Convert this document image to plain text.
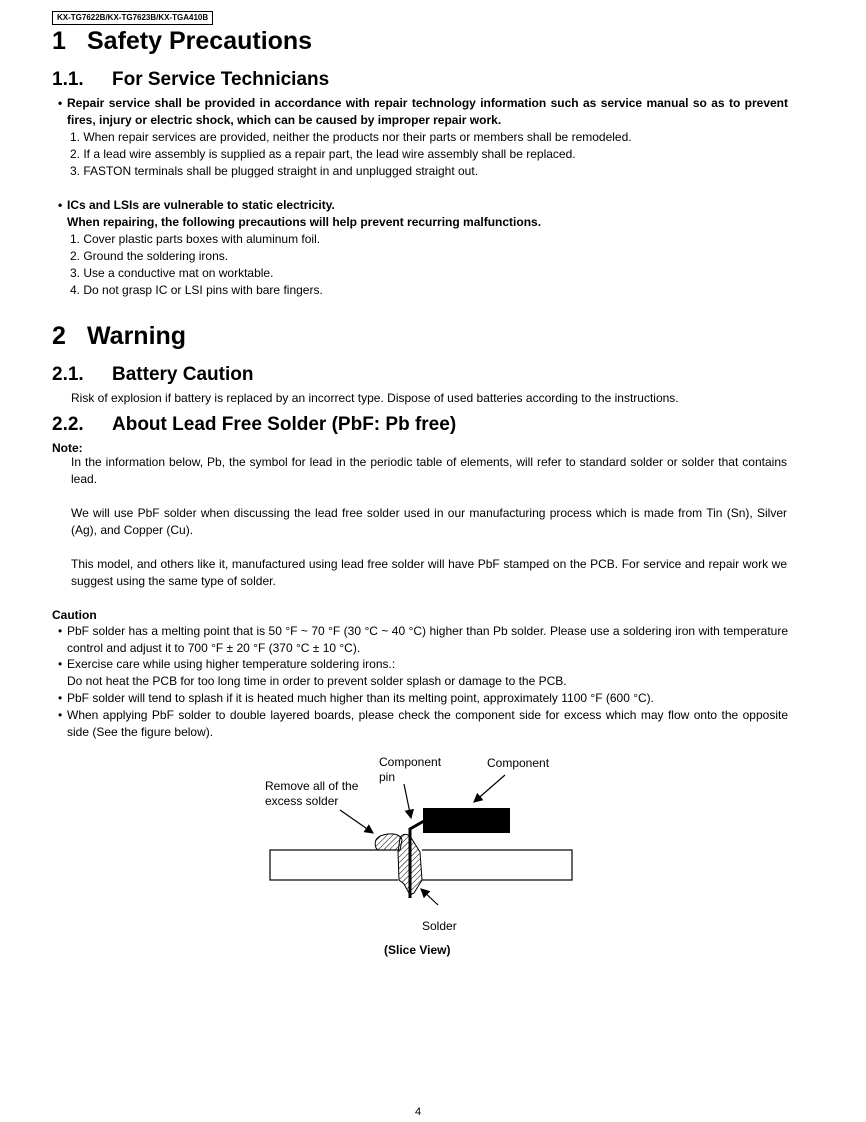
KX-TG7622B/KX-TG7623B/KX-TGA410B
1 Safety Precautions
1.1. For Service Technicians
• Repair service shall be provided in accordance with repair technology information such as service manual so as to prevent fires, injury or electric shock, which can be caused by improper repair work.
1. When repair services are provided, neither the products nor their parts or members shall be remodeled.
2. If a lead wire assembly is supplied as a repair part, the lead wire assembly shall be replaced.
3. FASTON terminals shall be plugged straight in and unplugged straight out.
• ICs and LSIs are vulnerable to static electricity.
When repairing, the following precautions will help prevent recurring malfunctions.
1. Cover plastic parts boxes with aluminum foil.
2. Ground the soldering irons.
3. Use a conductive mat on worktable.
4. Do not grasp IC or LSI pins with bare fingers.
2 Warning
2.1. Battery Caution
Risk of explosion if battery is replaced by an incorrect type. Dispose of used batteries according to the instructions.
2.2. About Lead Free Solder (PbF: Pb free)
Note:
In the information below, Pb, the symbol for lead in the periodic table of elements, will refer to standard solder or solder that contains lead.
We will use PbF solder when discussing the lead free solder used in our manufacturing process which is made from Tin (Sn), Silver (Ag), and Copper (Cu).
This model, and others like it, manufactured using lead free solder will have PbF stamped on the PCB. For service and repair work we suggest using the same type of solder.
Caution
• PbF solder has a melting point that is 50 °F ~ 70 °F (30 °C ~ 40 °C) higher than Pb solder. Please use a soldering iron with temperature control and adjust it to 700 °F ± 20 °F (370 °C ± 10 °C).
• Exercise care while using higher temperature soldering irons.:
Do not heat the PCB for too long time in order to prevent solder splash or damage to the PCB.
• PbF solder will tend to splash if it is heated much higher than its melting point, approximately 1100 °F (600 °C).
• When applying PbF solder to double layered boards, please check the component side for excess which may flow onto the opposite side (See the figure below).
Component
pin
Component
Remove all of the
excess solder
Solder
(Slice View)
4
